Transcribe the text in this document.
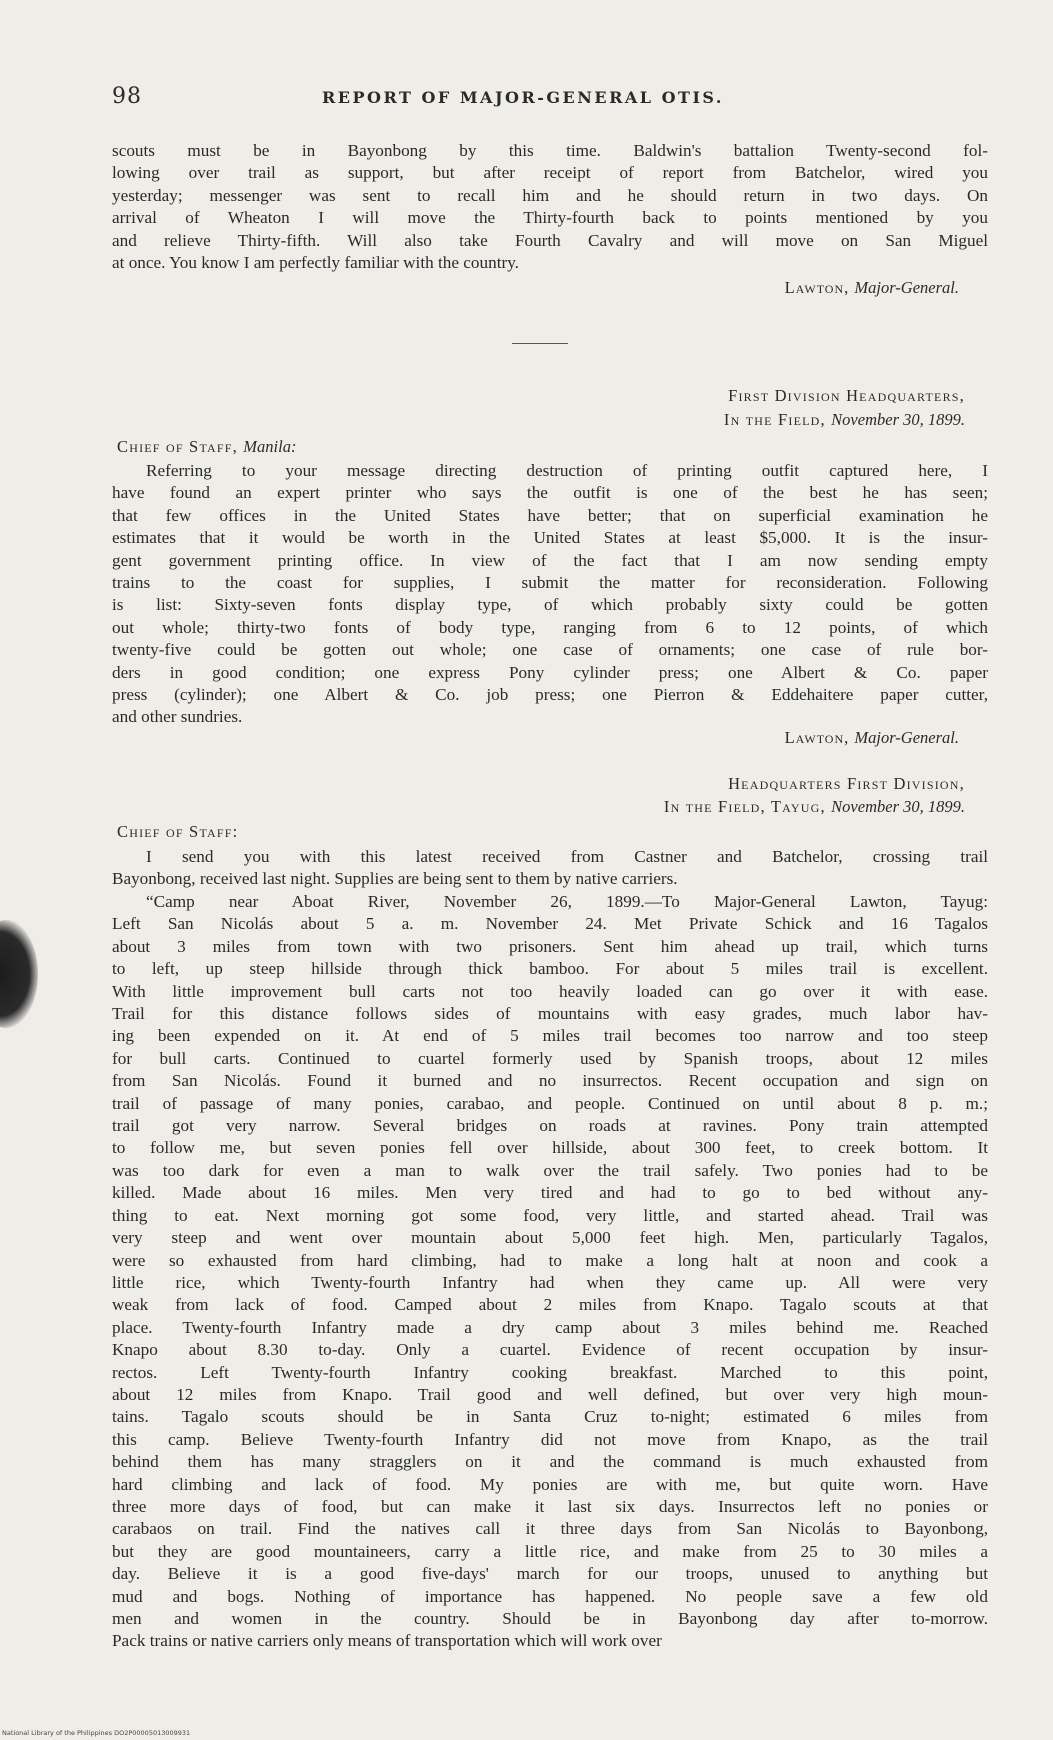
98	REPORT OF MAJOR-GENERAL OTIS.
scouts must be in Bayonbong by this time. Baldwin's battalion Twenty-second fol-
lowing over trail as support, but after receipt of report from Batchelor, wired you
yesterday; messenger was sent to recall him and he should return in two days. On
arrival of Wheaton I will move the Thirty-fourth back to points mentioned by you
and relieve Thirty-fifth. Will also take Fourth Cavalry and will move on San Miguel
at once. You know I am perfectly familiar with the country.
Lawton, Major-General.
First Division Headquarters,
In the Field, November 30, 1899.
Chief of Staff, Manila:
Referring to your message directing destruction of printing outfit captured here, I
have found an expert printer who says the outfit is one of the best he has seen;
that few offices in the United States have better; that on superficial examination he
estimates that it would be worth in the United States at least $5,000. It is the insur-
gent government printing office. In view of the fact that I am now sending empty
trains to the coast for supplies, I submit the matter for reconsideration. Following
is list: Sixty-seven fonts display type, of which probably sixty could be gotten
out whole; thirty-two fonts of body type, ranging from 6 to 12 points, of which
twenty-five could be gotten out whole; one case of ornaments; one case of rule bor-
ders in good condition; one express Pony cylinder press; one Albert & Co. paper
press (cylinder); one Albert & Co. job press; one Pierron & Eddehaitere paper cutter,
and other sundries.
Lawton, Major-General.
Headquarters First Division,
In the Field, Tayug, November 30, 1899.
Chief of Staff:
I send you with this latest received from Castner and Batchelor, crossing trail
Bayonbong, received last night. Supplies are being sent to them by native carriers.
“Camp near Aboat River, November 26, 1899.—To Major-General Lawton, Tayug:
Left San Nicolás about 5 a. m. November 24. Met Private Schick and 16 Tagalos
about 3 miles from town with two prisoners. Sent him ahead up trail, which turns
to left, up steep hillside through thick bamboo. For about 5 miles trail is excellent.
With little improvement bull carts not too heavily loaded can go over it with ease.
Trail for this distance follows sides of mountains with easy grades, much labor hav-
ing been expended on it. At end of 5 miles trail becomes too narrow and too steep
for bull carts. Continued to cuartel formerly used by Spanish troops, about 12 miles
from San Nicolás. Found it burned and no insurrectos. Recent occupation and sign on
trail of passage of many ponies, carabao, and people. Continued on until about 8 p. m.;
trail got very narrow. Several bridges on roads at ravines. Pony train attempted
to follow me, but seven ponies fell over hillside, about 300 feet, to creek bottom. It
was too dark for even a man to walk over the trail safely. Two ponies had to be
killed. Made about 16 miles. Men very tired and had to go to bed without any-
thing to eat. Next morning got some food, very little, and started ahead. Trail was
very steep and went over mountain about 5,000 feet high. Men, particularly Tagalos,
were so exhausted from hard climbing, had to make a long halt at noon and cook a
little rice, which Twenty-fourth Infantry had when they came up. All were very
weak from lack of food. Camped about 2 miles from Knapo. Tagalo scouts at that
place. Twenty-fourth Infantry made a dry camp about 3 miles behind me. Reached
Knapo about 8.30 to-day. Only a cuartel. Evidence of recent occupation by insur-
rectos. Left Twenty-fourth Infantry cooking breakfast. Marched to this point,
about 12 miles from Knapo. Trail good and well defined, but over very high moun-
tains. Tagalo scouts should be in Santa Cruz to-night; estimated 6 miles from
this camp. Believe Twenty-fourth Infantry did not move from Knapo, as the trail
behind them has many stragglers on it and the command is much exhausted from
hard climbing and lack of food. My ponies are with me, but quite worn. Have
three more days of food, but can make it last six days. Insurrectos left no ponies or
carabaos on trail. Find the natives call it three days from San Nicolás to Bayonbong,
but they are good mountaineers, carry a little rice, and make from 25 to 30 miles a
day. Believe it is a good five-days' march for our troops, unused to anything but
mud and bogs. Nothing of importance has happened. No people save a few old
men and women in the country. Should be in Bayonbong day after to-morrow.
Pack trains or native carriers only means of transportation which will work over
National Library of the Philippines DO2P00005013009931
